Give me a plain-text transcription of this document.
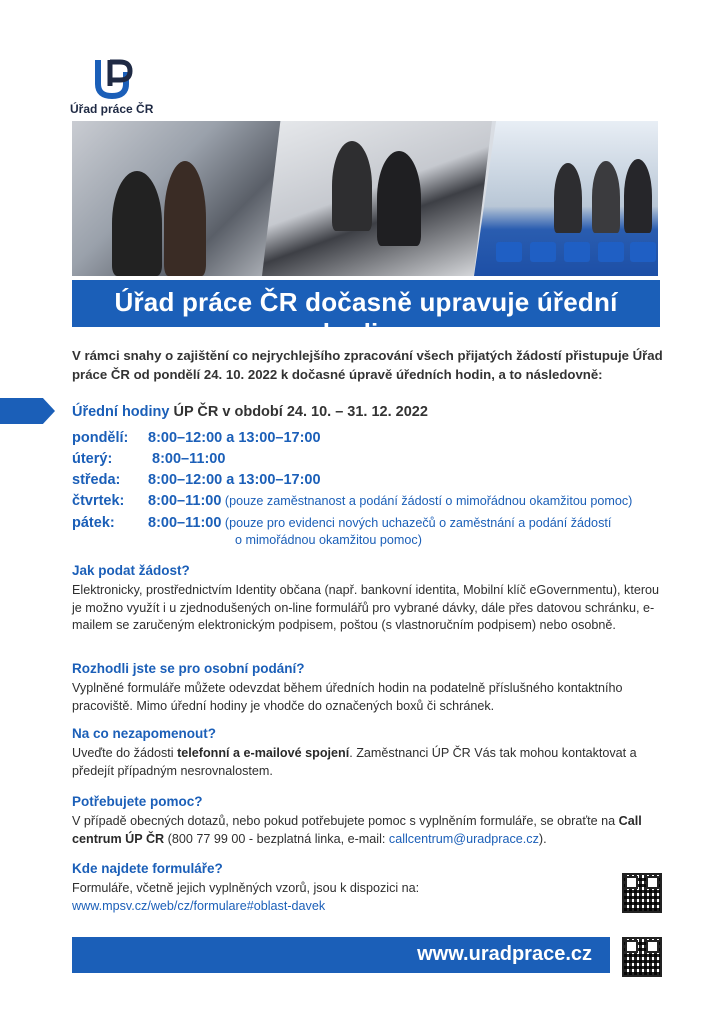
Úřad práce ČR
Úřad práce ČR dočasně upravuje úřední hodiny
V rámci snahy o zajištění co nejrychlejšího zpracování všech přijatých žádostí přistupuje Úřad práce ČR od pondělí 24. 10. 2022 k dočasné úpravě úředních hodin, a to následovně:
Úřední hodiny ÚP ČR v období 24. 10. – 31. 12. 2022
pondělí: 8:00–12:00 a 13:00–17:00
úterý:	8:00–11:00
středa: 8:00–12:00 a 13:00–17:00
čtvrtek: 8:00–11:00 (pouze zaměstnanost a podání žádostí o mimořádnou okamžitou pomoc)
pátek: 8:00–11:00 (pouze pro evidenci nových uchazečů o zaměstnání a podání žádostí
o mimořádnou okamžitou pomoc)
Jak podat žádost?
Elektronicky, prostřednictvím Identity občana (např. bankovní identita, Mobilní klíč eGovernmentu), kterou je možno využít i u zjednodušených on-line formulářů pro vybrané dávky, dále přes datovou schránku, e-mailem se zaručeným elektronickým podpisem, poštou (s vlastnoručním podpisem) nebo osobně.
Rozhodli jste se pro osobní podání?
Vyplněné formuláře můžete odevzdat během úředních hodin na podatelně příslušného kontaktního pracoviště. Mimo úřední hodiny je vhodče do označených boxů či schránek.
Na co nezapomenout?
Uveďte do žádosti telefonní a e-mailové spojení. Zaměstnanci ÚP ČR Vás tak mohou kontaktovat a předejít případným nesrovnalostem.
Potřebujete pomoc?
V případě obecných dotazů, nebo pokud potřebujete pomoc s vyplněním formuláře, se obraťte na Call centrum ÚP ČR (800 77 99 00 - bezplatná linka, e-mail: callcentrum@uradprace.cz).
Kde najdete formuláře?
Formuláře, včetně jejich vyplněných vzorů, jsou k dispozici na:
www.mpsv.cz/web/cz/formulare#oblast-davek
www.uradprace.cz
